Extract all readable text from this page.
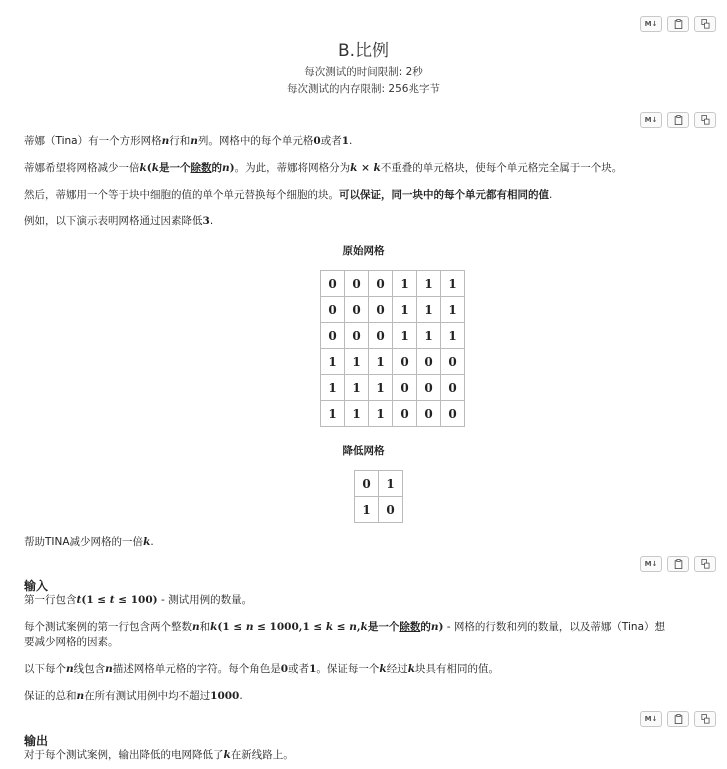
M↓
B.比例
每次测试的时间限制: 2秒
每次测试的内存限制: 256兆字节
M↓

蒂娜（Tina）有一个方形网格n行和n列。网格中的每个单元格0或者1.

蒂娜希望将网格减少一倍k(k是一个除数的n)。为此，蒂娜将网格分为k × k不重叠的单元格块，使每个单元格完全属于一个块。

然后，蒂娜用一个等于块中细胞的值的单个单元替换每个细胞的块。可以保证，同一块中的每个单元都有相同的值.

例如，以下演示表明网格通过因素降低3.

原始网格
0	0	0	1	1	1
0	0	0	1	1	1
0	0	0	1	1	1
1	1	1	0	0	0
1	1	1	0	0	0
1	1	1	0	0	0
降低网格
0	1
1	0

帮助TINA减少网格的一倍k.

M↓
输入

第一行包含t(1 ≤ t ≤ 100) - 测试用例的数量。

每个测试案例的第一行包含两个整数n和k(1 ≤ n ≤ 1000,1 ≤ k ≤ n,k是一个除数的n) - 网格的行数和列的数量，以及蒂娜（Tina）想

要减少网格的因素。

以下每个n线包含n描述网格单元格的字符。每个角色是0或者1。保证每一个k经过k块具有相同的值。

保证的总和n在所有测试用例中均不超过1000.

M↓
输出

对于每个测试案例，输出降低的电网降低了k在新线路上。
